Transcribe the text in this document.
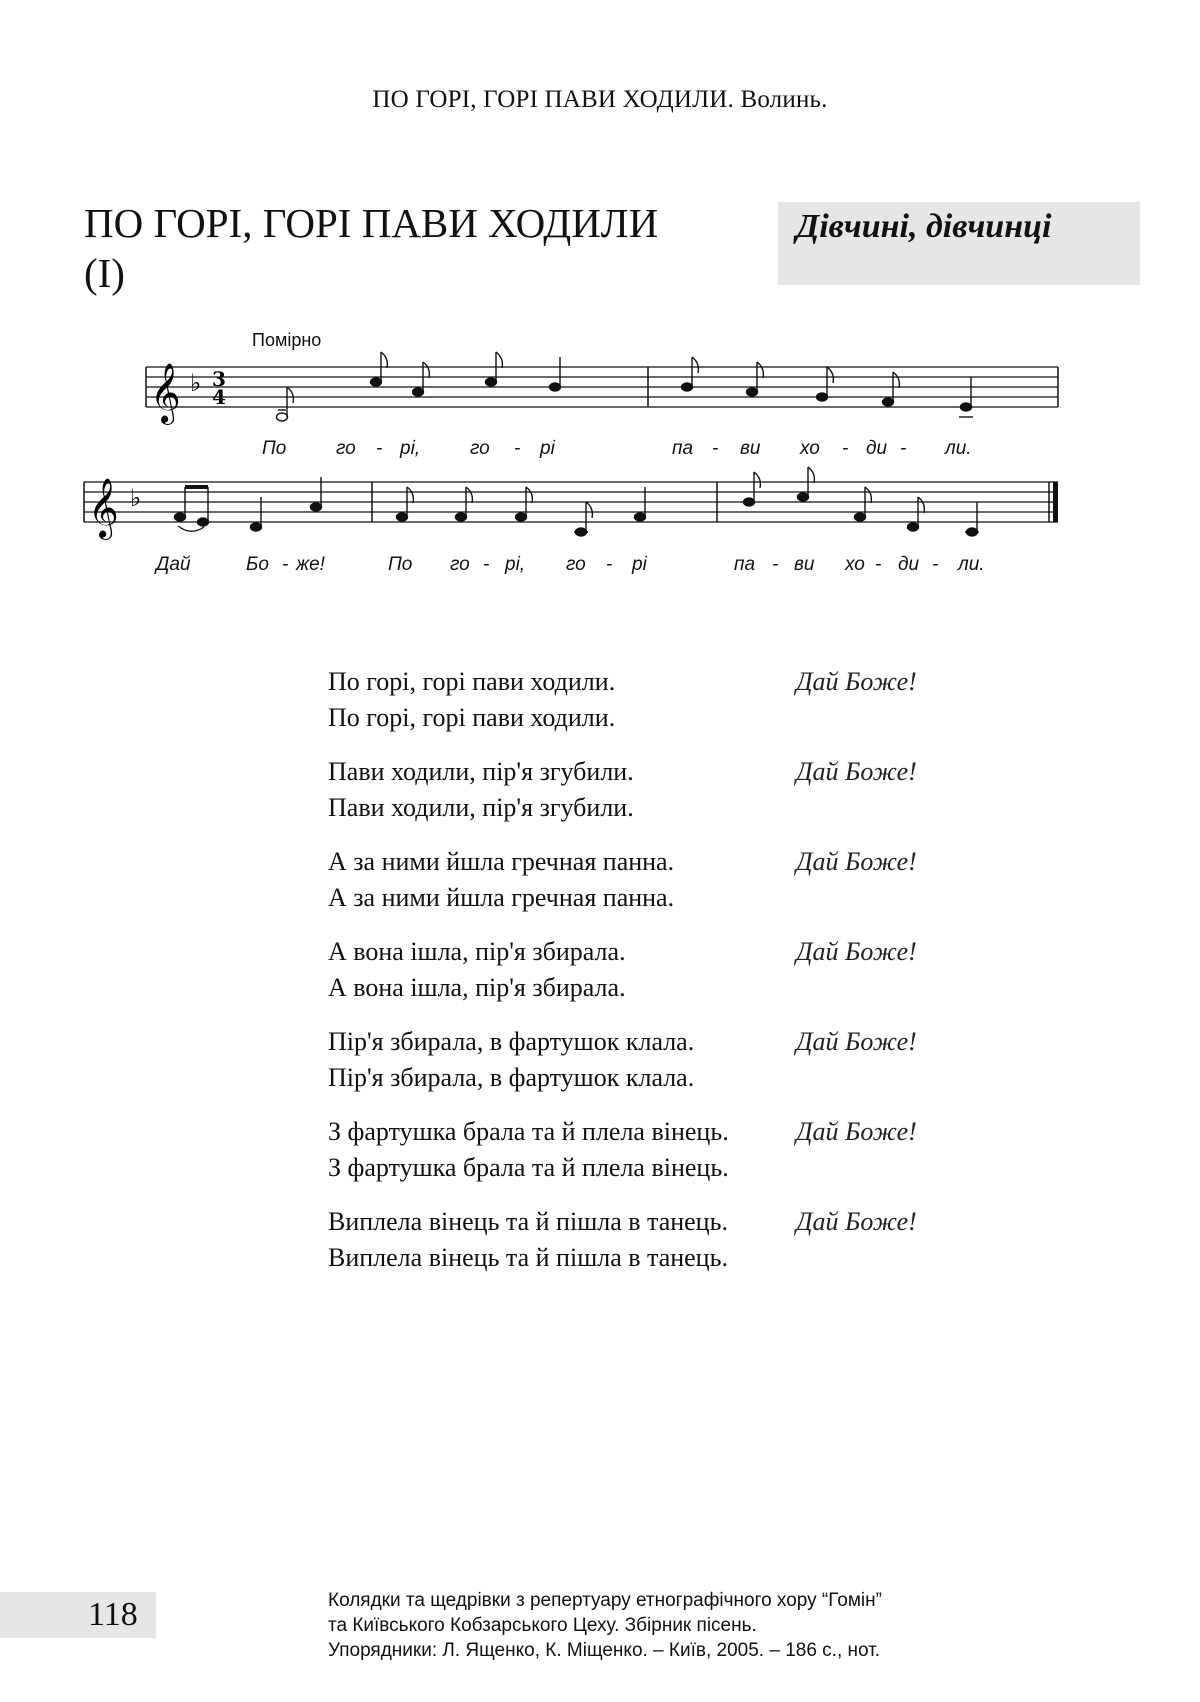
ПО ГОРІ, ГОРІ ПАВИ ХОДИЛИ. Волинь.
ПО ГОРІ, ГОРІ ПАВИ ХОДИЛИ
(І)
Дівчині, дівчинці
Помірно
𝄞 ♭ 3
4
По	го - рі,	го - рі	па - ви хо - ди - ли.
𝄞 ♭
Дай	Бо - же!	По го - рі, го - рі	па - ви хо - ди - ли.
По горі, горі пави ходили.	Дай Боже!
По горі, горі пави ходили.
Пави ходили, пір'я згубили.	Дай Боже!
Пави ходили, пір'я згубили.
А за ними йшла гречная панна.	Дай Боже!
А за ними йшла гречная панна.
А вона ішла, пір'я збирала.	Дай Боже!
А вона ішла, пір'я збирала.
Пір'я збирала, в фартушок клала.	Дай Боже!
Пір'я збирала, в фартушок клала.
З фартушка брала та й плела вінець.	Дай Боже!
З фартушка брала та й плела вінець.
Виплела вінець та й пішла в танець.	Дай Боже!
Виплела вінець та й пішла в танець.
118	Колядки та щедрівки з репертуару етнографічного хору “Гомін”
та Київського Кобзарського Цеху. Збірник пісень.
Упорядники: Л. Ященко, К. Міщенко. – Київ, 2005. – 186 с., нот.
